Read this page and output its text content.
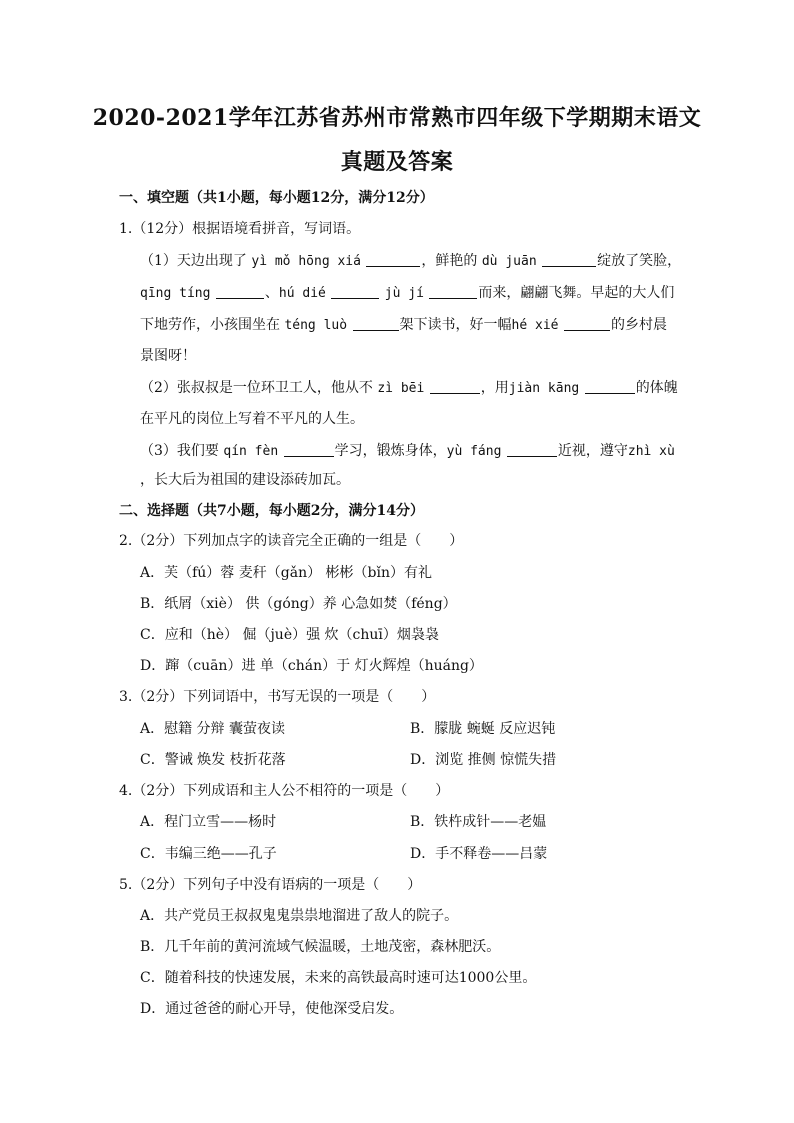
2020-2021学年江苏省苏州市常熟市四年级下学期期末语文
真题及答案
一、填空题（共1小题，每小题12分，满分12分）
1.（12分）根据语境看拼音，写词语。
（1）天边出现了 yì mǒ hōng xiá	，鲜艳的 dù juān	绽放了笑脸，
qīng tíng	、hú dié	jù jí	而来，翩翩飞舞。早起的大人们
下地劳作，小孩围坐在 téng luò	架下读书，好一幅hé xié	的乡村晨
景图呀！
（2）张叔叔是一位环卫工人，他从不 zì bēi	，用jiàn kāng	的体魄
在平凡的岗位上写着不平凡的人生。
（3）我们要 qín fèn	学习，锻炼身体，yù fáng	近视，遵守zhì xù
，长大后为祖国的建设添砖加瓦。
二、选择题（共7小题，每小题2分，满分14分）
2.（2分）下列加点字的读音完全正确的一组是（　　）
A．芙（fú）蓉 麦秆（gǎn） 彬彬（bǐn）有礼
B．纸屑（xiè） 供（góng）养 心急如焚（féng）
C．应和（hè） 倔（juè）强 炊（chuī）烟袅袅
D．蹿（cuān）进 单（chán）于 灯火辉煌（huáng）
3.（2分）下列词语中，书写无误的一项是（　　）
A．慰籍 分辩 囊萤夜读	B．朦胧 蜿蜒 反应迟钝
C．警诫 焕发 枝折花落	D．浏览 推侧 惊慌失措
4.（2分）下列成语和主人公不相符的一项是（　　）
A．程门立雪——杨时	B．铁杵成针——老媪
C．韦编三绝——孔子	D．手不释卷——吕蒙
5.（2分）下列句子中没有语病的一项是（　　）
A．共产党员王叔叔鬼鬼祟祟地溜进了敌人的院子。
B．几千年前的黄河流域气候温暖，土地茂密，森林肥沃。
C．随着科技的快速发展，未来的高铁最高时速可达1000公里。
D．通过爸爸的耐心开导，使他深受启发。
